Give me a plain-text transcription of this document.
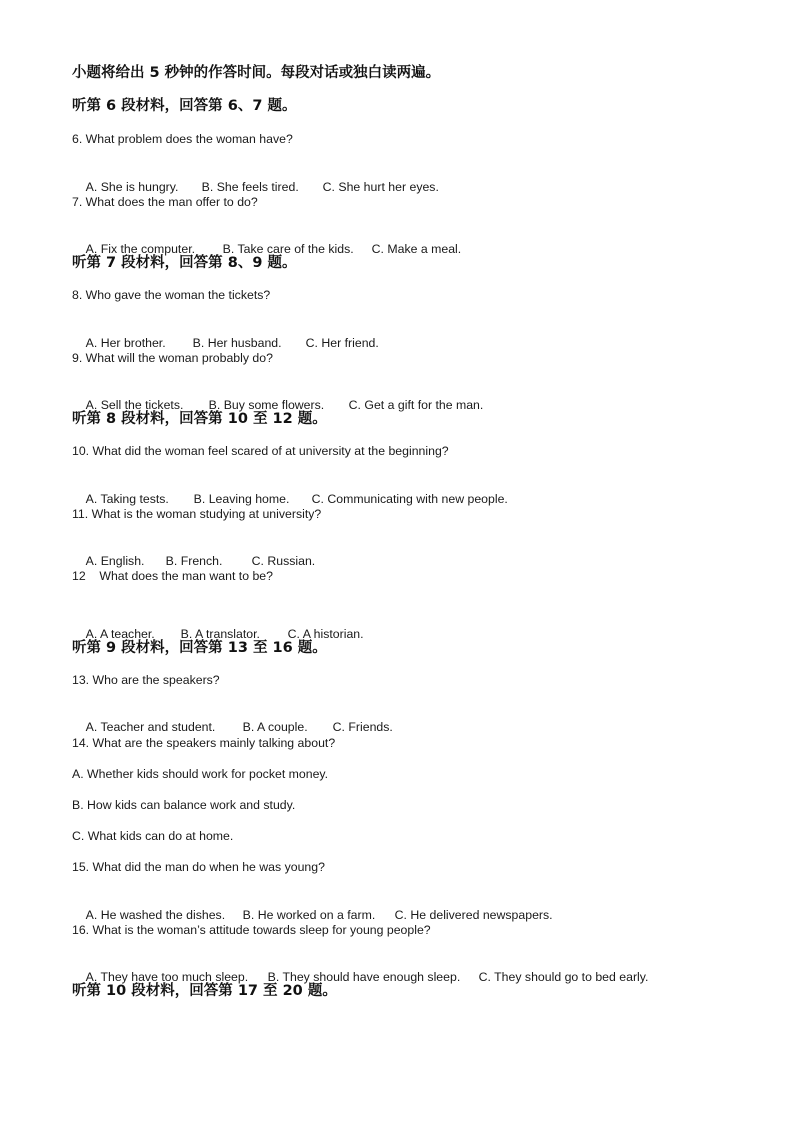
小题将给出 5 秒钟的作答时间。每段对话或独白读两遍。
听第 6 段材料，回答第 6、7 题。
6. What problem does the woman have?

A. She is hungry. B. She feels tired. C. She hurt her eyes.

7. What does the man offer to do?

A. Fix the computer. B. Take care of the kids. C. Make a meal.

听第 7 段材料，回答第 8、9 题。
8. Who gave the woman the tickets?

A. Her brother. B. Her husband. C. Her friend.

9. What will the woman probably do?

A. Sell the tickets. B. Buy some flowers. C. Get a gift for the man.

听第 8 段材料，回答第 10 至 12 题。
10. What did the woman feel scared of at university at the beginning?

A. Taking tests. B. Leaving home. C. Communicating with new people.

11. What is the woman studying at university?

A. English. B. French. C. Russian.

12    What does the man want to be?

A. A teacher. B. A translator. C. A historian.

听第 9 段材料，回答第 13 至 16 题。
13. Who are the speakers?

A. Teacher and student. B. A couple. C. Friends.

14. What are the speakers mainly talking about?
A. Whether kids should work for pocket money.
B. How kids can balance work and study.
C. What kids can do at home.
15. What did the man do when he was young?

A. He washed the dishes. B. He worked on a farm. C. He delivered newspapers.

16. What is the woman’s attitude towards sleep for young people?

A. They have too much sleep. B. They should have enough sleep. C. They should go to bed early.

听第 10 段材料，回答第 17 至 20 题。
